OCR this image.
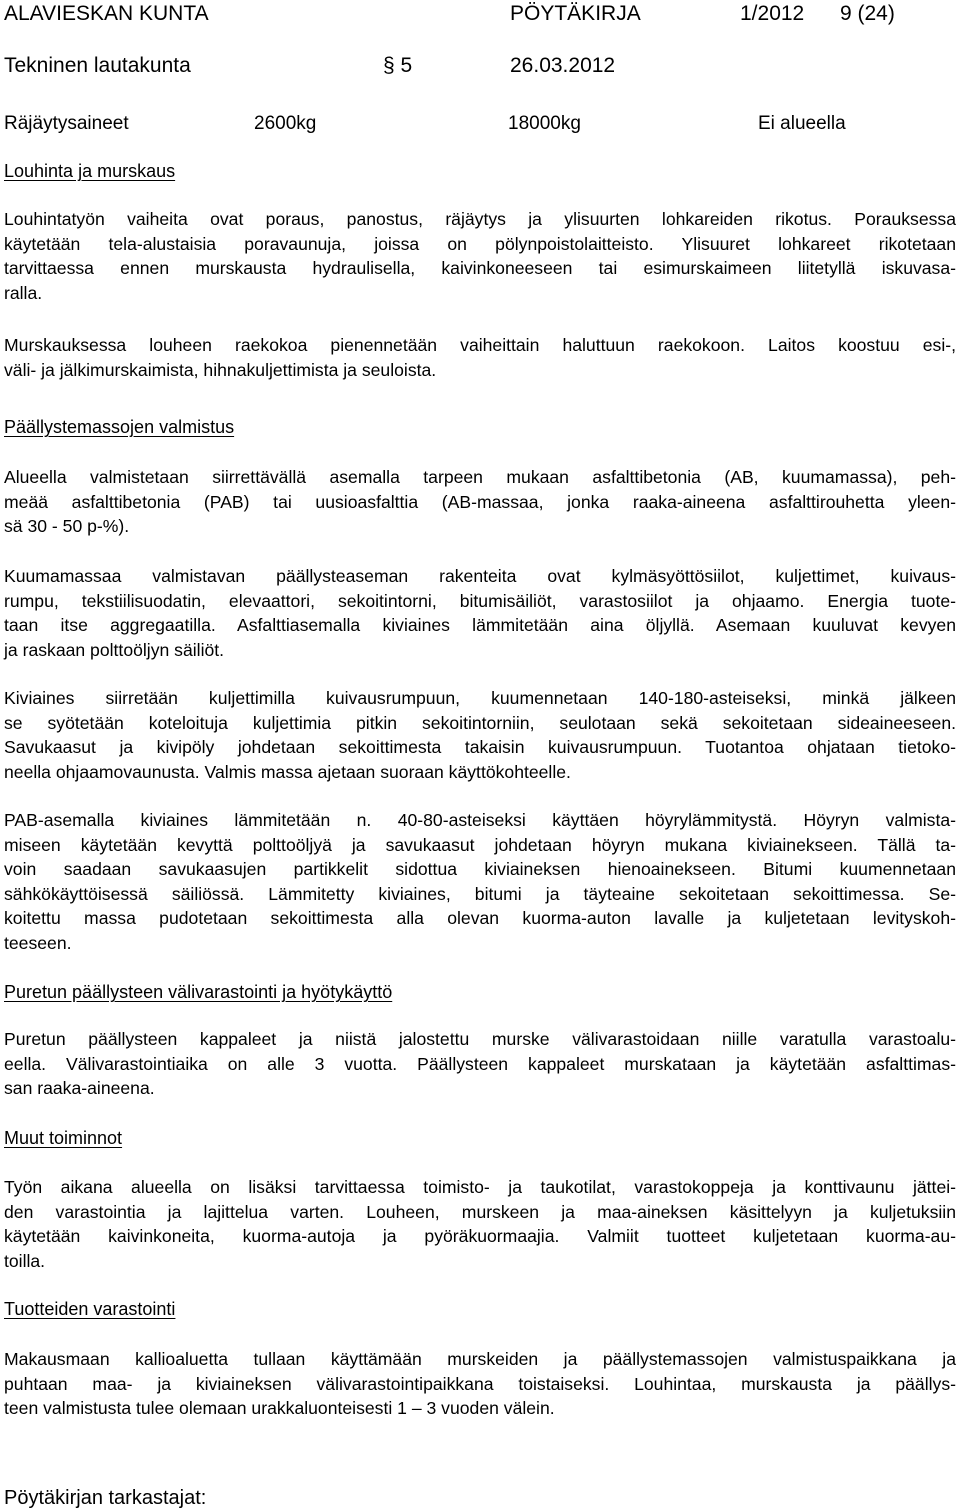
ALAVIESKAN KUNTA	PÖYTÄKIRJA	1/2012 9 (24)
Tekninen lautakunta	§ 5	26.03.2012
Räjäytysaineet	2600kg	18000kg	Ei alueella
Louhinta ja murskaus
Louhintatyön vaiheita ovat poraus, panostus, räjäytys ja ylisuurten lohkareiden rikotus. Porauksessa
käytetään tela-alustaisia poravaunuja, joissa on pölynpoistolaitteisto. Ylisuuret lohkareet rikotetaan
tarvittaessa ennen murskausta hydraulisella, kaivinkoneeseen tai esimurskaimeen liitetyllä iskuvasa-
ralla.
Murskauksessa louheen raekokoa pienennetään vaiheittain haluttuun raekokoon. Laitos koostuu esi-,
väli- ja jälkimurskaimista, hihnakuljettimista ja seuloista.
Päällystemassojen valmistus
Alueella valmistetaan siirrettävällä asemalla tarpeen mukaan asfalttibetonia (AB, kuumamassa), peh-
meää asfalttibetonia (PAB) tai uusioasfalttia (AB-massaa, jonka raaka-aineena asfalttirouhetta yleen-
sä 30 - 50 p-%).
Kuumamassaa valmistavan päällysteaseman rakenteita ovat kylmäsyöttösiilot, kuljettimet, kuivaus-
rumpu, tekstiilisuodatin, elevaattori, sekoitintorni, bitumisäiliöt, varastosiilot ja ohjaamo. Energia tuote-
taan itse aggregaatilla. Asfalttiasemalla kiviaines lämmitetään aina öljyllä. Asemaan kuuluvat kevyen
ja raskaan polttoöljyn säiliöt.
Kiviaines siirretään kuljettimilla kuivausrumpuun, kuumennetaan 140-180-asteiseksi, minkä jälkeen
se syötetään koteloituja kuljettimia pitkin sekoitintorniin, seulotaan sekä sekoitetaan sideaineeseen.
Savukaasut ja kivipöly johdetaan sekoittimesta takaisin kuivausrumpuun. Tuotantoa ohjataan tietoko-
neella ohjaamovaunusta. Valmis massa ajetaan suoraan käyttökohteelle.
PAB-asemalla kiviaines lämmitetään n. 40-80-asteiseksi käyttäen höyrylämmitystä. Höyryn valmista-
miseen käytetään kevyttä polttoöljyä ja savukaasut johdetaan höyryn mukana kiviainekseen. Tällä ta-
voin saadaan savukaasujen partikkelit sidottua kiviaineksen hienoainekseen. Bitumi kuumennetaan
sähkökäyttöisessä säiliössä. Lämmitetty kiviaines, bitumi ja täyteaine sekoitetaan sekoittimessa. Se-
koitettu massa pudotetaan sekoittimesta alla olevan kuorma-auton lavalle ja kuljetetaan levityskoh-
teeseen.
Puretun päällysteen välivarastointi ja hyötykäyttö
Puretun päällysteen kappaleet ja niistä jalostettu murske välivarastoidaan niille varatulla varastoalu-
eella. Välivarastointiaika on alle 3 vuotta. Päällysteen kappaleet murskataan ja käytetään asfalttimas-
san raaka-aineena.
Muut toiminnot
Työn aikana alueella on lisäksi tarvittaessa toimisto- ja taukotilat, varastokoppeja ja konttivaunu jättei-
den varastointia ja lajittelua varten. Louheen, murskeen ja maa-aineksen käsittelyyn ja kuljetuksiin
käytetään kaivinkoneita, kuorma-autoja ja pyöräkuormaajia. Valmiit tuotteet kuljetetaan kuorma-au-
toilla.
Tuotteiden varastointi
Makausmaan kallioaluetta tullaan käyttämään murskeiden ja päällystemassojen valmistuspaikkana ja
puhtaan maa- ja kiviaineksen välivarastointipaikkana toistaiseksi. Louhintaa, murskausta ja päällys-
teen valmistusta tulee olemaan urakkaluonteisesti 1 – 3 vuoden välein.
Pöytäkirjan tarkastajat:
